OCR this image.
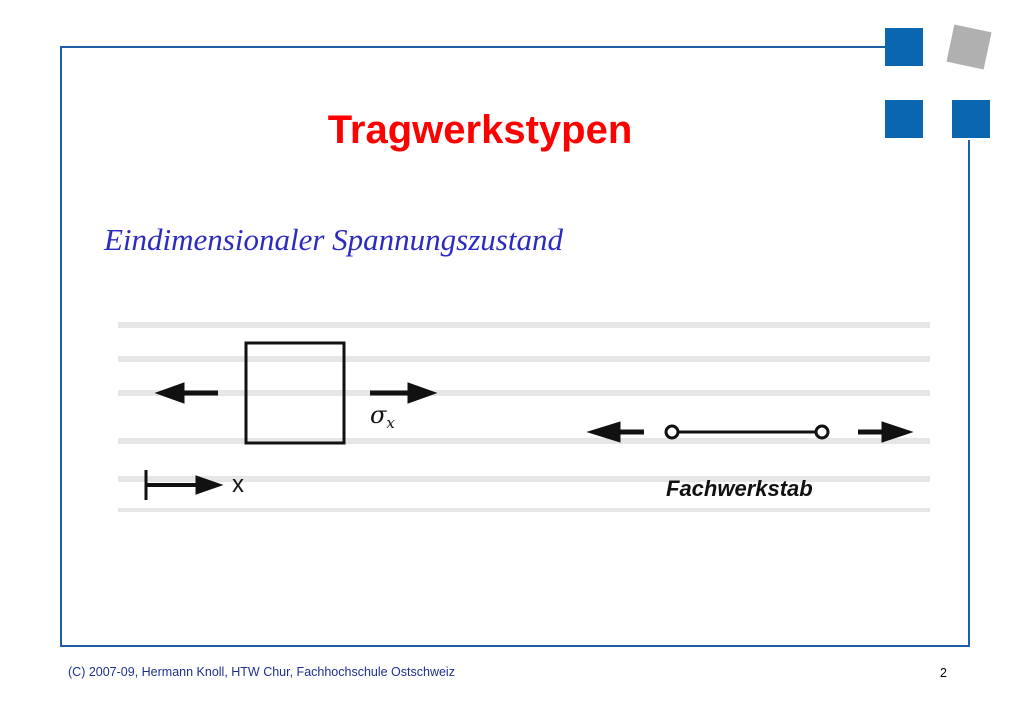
Tragwerkstypen

Eindimensionaler Spannungszustand

$\sigma_x$
x	Fachwerkstab
(C) 2007-09, Hermann Knoll, HTW Chur, Fachhochschule Ostschweiz	2
